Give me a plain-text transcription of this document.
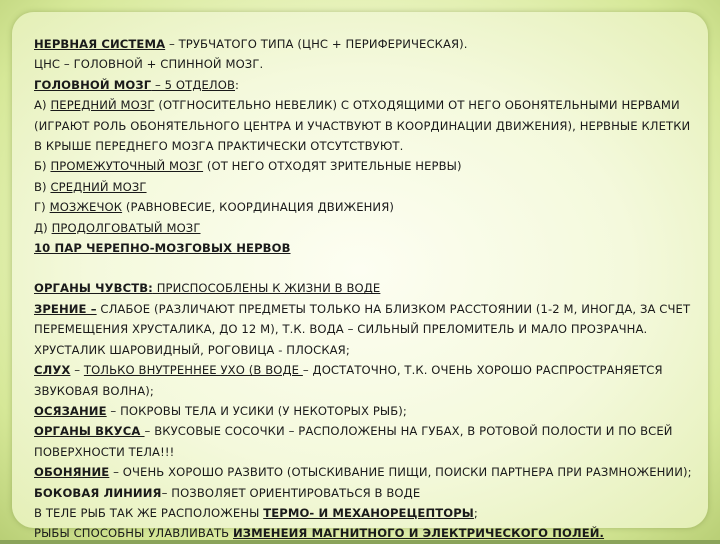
НЕРВНАЯ СИСТЕМА – ТРУБЧАТОГО ТИПА (ЦНС + ПЕРИФЕРИЧЕСКАЯ).

ЦНС – ГОЛОВНОЙ + СПИННОЙ МОЗГ.

ГОЛОВНОЙ МОЗГ – 5 ОТДЕЛОВ:

А) ПЕРЕДНИЙ МОЗГ (ОТГНОСИТЕЛЬНО НЕВЕЛИК) С ОТХОДЯЩИМИ ОТ НЕГО ОБОНЯТЕЛЬНЫМИ НЕРВАМИ (ИГРАЮТ РОЛЬ ОБОНЯТЕЛЬНОГО ЦЕНТРА И УЧАСТВУЮТ В КООРДИНАЦИИ ДВИЖЕНИЯ), НЕРВНЫЕ КЛЕТКИ В КРЫШЕ ПЕРЕДНЕГО МОЗГА ПРАКТИЧЕСКИ ОТСУТСТВУЮТ.

Б) ПРОМЕЖУТОЧНЫЙ МОЗГ (ОТ НЕГО ОТХОДЯТ ЗРИТЕЛЬНЫЕ НЕРВЫ)

В) СРЕДНИЙ МОЗГ

Г) МОЗЖЕЧОК (РАВНОВЕСИЕ, КООРДИНАЦИЯ ДВИЖЕНИЯ)

Д) ПРОДОЛГОВАТЫЙ МОЗГ

10 ПАР ЧЕРЕПНО-МОЗГОВЫХ НЕРВОВ

ОРГАНЫ ЧУВСТВ: ПРИСПОСОБЛЕНЫ К ЖИЗНИ В ВОДЕ

ЗРЕНИЕ – СЛАБОЕ (РАЗЛИЧАЮТ ПРЕДМЕТЫ ТОЛЬКО НА БЛИЗКОМ РАССТОЯНИИ (1-2 М, ИНОГДА, ЗА СЧЕТ ПЕРЕМЕЩЕНИЯ ХРУСТАЛИКА, ДО 12 М), Т.К. ВОДА – СИЛЬНЫЙ ПРЕЛОМИТЕЛЬ И МАЛО ПРОЗРАЧНА. ХРУСТАЛИК ШАРОВИДНЫЙ, РОГОВИЦА - ПЛОСКАЯ;

СЛУХ – ТОЛЬКО ВНУТРЕННЕЕ УХО (В ВОДЕ – ДОСТАТОЧНО, Т.К. ОЧЕНЬ ХОРОШО РАСПРОСТРАНЯЕТСЯ ЗВУКОВАЯ ВОЛНА);

ОСЯЗАНИЕ – ПОКРОВЫ ТЕЛА И УСИКИ (У НЕКОТОРЫХ РЫБ);

ОРГАНЫ ВКУСА – ВКУСОВЫЕ СОСОЧКИ – РАСПОЛОЖЕНЫ НА ГУБАХ, В РОТОВОЙ ПОЛОСТИ И ПО ВСЕЙ ПОВЕРХНОСТИ ТЕЛА!!!

ОБОНЯНИЕ – ОЧЕНЬ ХОРОШО РАЗВИТО (ОТЫСКИВАНИЕ ПИЩИ, ПОИСКИ ПАРТНЕРА ПРИ РАЗМНОЖЕНИИ);

БОКОВАЯ ЛИНИИЯ– ПОЗВОЛЯЕТ ОРИЕНТИРОВАТЬСЯ В ВОДЕ

В ТЕЛЕ РЫБ ТАК ЖЕ РАСПОЛОЖЕНЫ ТЕРМО- И МЕХАНОРЕЦЕПТОРЫ;

РЫБЫ СПОСОБНЫ УЛАВЛИВАТЬ ИЗМЕНЕИЯ МАГНИТНОГО И ЭЛЕКТРИЧЕСКОГО ПОЛЕЙ.
